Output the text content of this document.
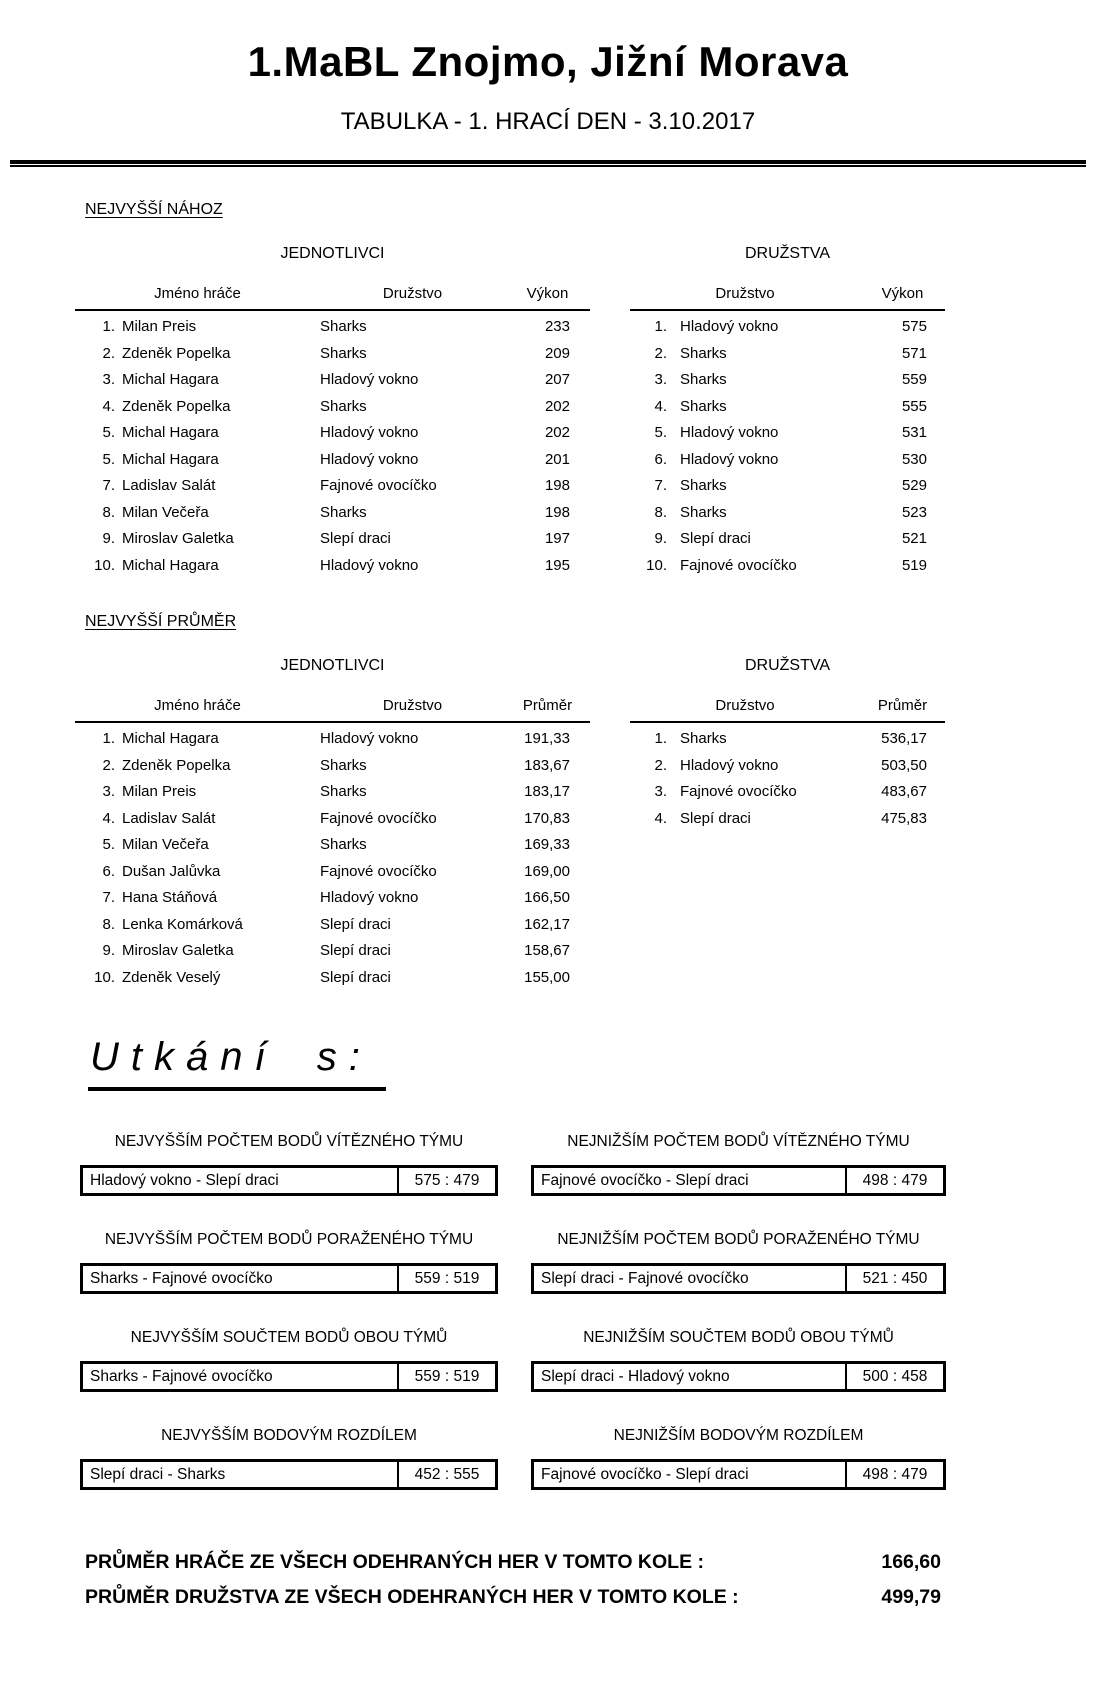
1.MaBL Znojmo, Jižní Morava
TABULKA - 1. HRACÍ DEN - 3.10.2017
NEJVYŠŠÍ NÁHOZ
JEDNOTLIVCI
Jméno hráče	Družstvo	Výkon
1. Milan Preis	Sharks	233
2. Zdeněk Popelka	Sharks	209
3. Michal Hagara	Hladový vokno	207
4. Zdeněk Popelka	Sharks	202
5. Michal Hagara	Hladový vokno	202
5. Michal Hagara	Hladový vokno	201
7. Ladislav Salát	Fajnové ovocíčko	198
8. Milan Večeřa	Sharks	198
9. Miroslav Galetka	Slepí draci	197
10. Michal Hagara	Hladový vokno	195
DRUŽSTVA
Družstvo	Výkon
1. Hladový vokno	575
2. Sharks	571
3. Sharks	559
4. Sharks	555
5. Hladový vokno	531
6. Hladový vokno	530
7. Sharks	529
8. Sharks	523
9. Slepí draci	521
10. Fajnové ovocíčko	519
NEJVYŠŠÍ PRŮMĚR
JEDNOTLIVCI
Jméno hráče	Družstvo	Průměr
1. Michal Hagara	Hladový vokno	191,33
2. Zdeněk Popelka	Sharks	183,67
3. Milan Preis	Sharks	183,17
4. Ladislav Salát	Fajnové ovocíčko	170,83
5. Milan Večeřa	Sharks	169,33
6. Dušan Jalůvka	Fajnové ovocíčko	169,00
7. Hana Stáňová	Hladový vokno	166,50
8. Lenka Komárková	Slepí draci	162,17
9. Miroslav Galetka	Slepí draci	158,67
10. Zdeněk Veselý	Slepí draci	155,00
DRUŽSTVA
Družstvo	Průměr
1. Sharks	536,17
2. Hladový vokno	503,50
3. Fajnové ovocíčko	483,67
4. Slepí draci	475,83
Utkání s:
NEJVYŠŠÍM POČTEM BODŮ VÍTĚZNÉHO TÝMU
Hladový vokno - Slepí draci	575 : 479
NEJNIŽŠÍM POČTEM BODŮ VÍTĚZNÉHO TÝMU
Fajnové ovocíčko - Slepí draci	498 : 479
NEJVYŠŠÍM POČTEM BODŮ PORAŽENÉHO TÝMU
Sharks - Fajnové ovocíčko	559 : 519
NEJNIŽŠÍM POČTEM BODŮ PORAŽENÉHO TÝMU
Slepí draci - Fajnové ovocíčko	521 : 450
NEJVYŠŠÍM SOUČTEM BODŮ OBOU TÝMŮ
Sharks - Fajnové ovocíčko	559 : 519
NEJNIŽŠÍM SOUČTEM BODŮ OBOU TÝMŮ
Slepí draci - Hladový vokno	500 : 458
NEJVYŠŠÍM BODOVÝM ROZDÍLEM
Slepí draci - Sharks	452 : 555
NEJNIŽŠÍM BODOVÝM ROZDÍLEM
Fajnové ovocíčko - Slepí draci	498 : 479
PRŮMĚR HRÁČE ZE VŠECH ODEHRANÝCH HER V TOMTO KOLE :	166,60
PRŮMĚR DRUŽSTVA ZE VŠECH ODEHRANÝCH HER V TOMTO KOLE :	499,79
